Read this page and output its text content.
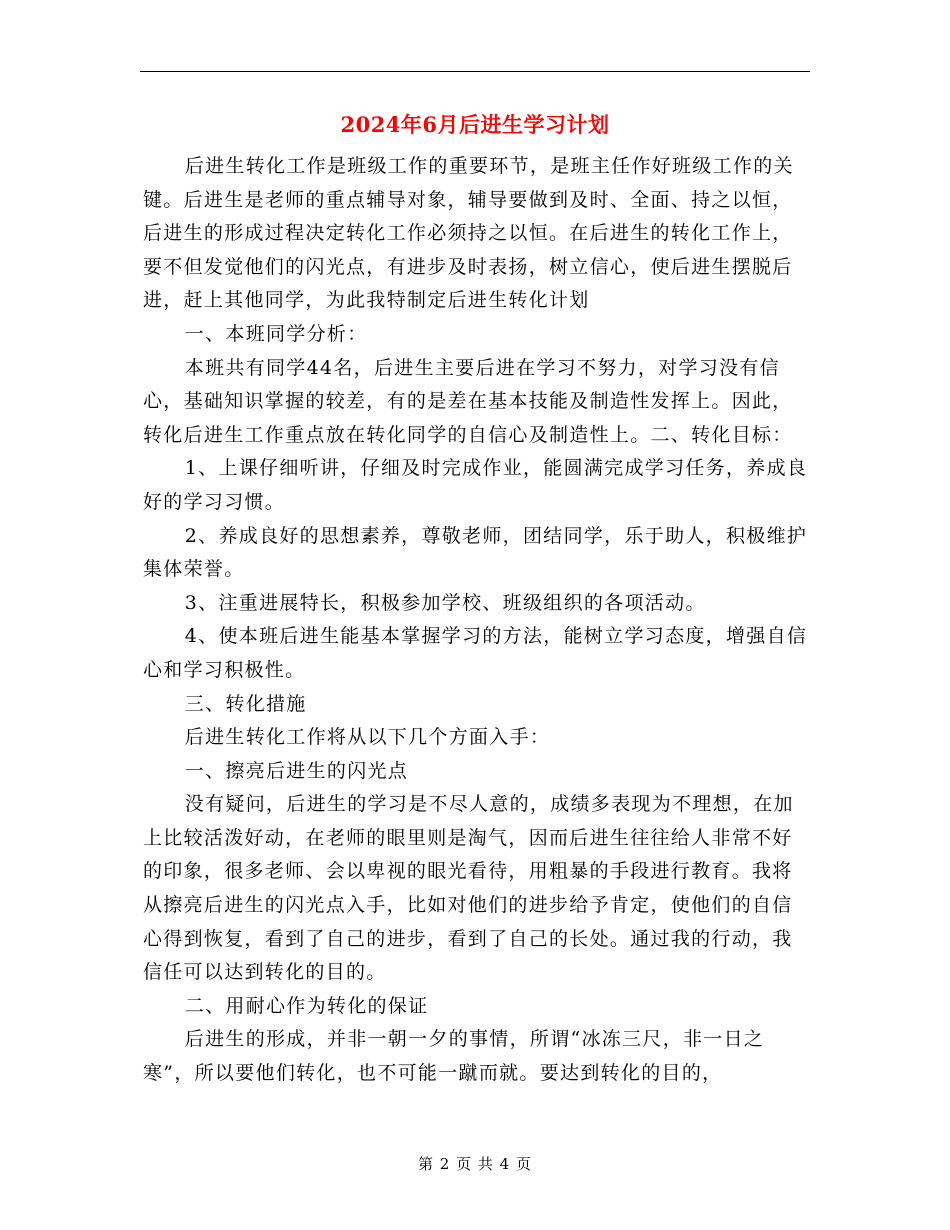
2024年6月后进生学习计划

后进生转化工作是班级工作的重要环节，是班主任作好班级工作的关键。后进生是老师的重点辅导对象，辅导要做到及时、全面、持之以恒，后进生的形成过程决定转化工作必须持之以恒。在后进生的转化工作上，要不但发觉他们的闪光点，有进步及时表扬，树立信心，使后进生摆脱后进，赶上其他同学，为此我特制定后进生转化计划

一、本班同学分析：

本班共有同学44名，后进生主要后进在学习不努力，对学习没有信心，基础知识掌握的较差，有的是差在基本技能及制造性发挥上。因此，转化后进生工作重点放在转化同学的自信心及制造性上。二、转化目标：

1、上课仔细听讲，仔细及时完成作业，能圆满完成学习任务，养成良好的学习习惯。

2、养成良好的思想素养，尊敬老师，团结同学，乐于助人，积极维护集体荣誉。

3、注重进展特长，积极参加学校、班级组织的各项活动。

4、使本班后进生能基本掌握学习的方法，能树立学习态度，增强自信心和学习积极性。

三、转化措施

后进生转化工作将从以下几个方面入手：

一、擦亮后进生的闪光点

没有疑问，后进生的学习是不尽人意的，成绩多表现为不理想，在加上比较活泼好动，在老师的眼里则是淘气，因而后进生往往给人非常不好的印象，很多老师、会以卑视的眼光看待，用粗暴的手段进行教育。我将从擦亮后进生的闪光点入手，比如对他们的进步给予肯定，使他们的自信心得到恢复，看到了自己的进步，看到了自己的长处。通过我的行动，我信任可以达到转化的目的。

二、用耐心作为转化的保证

后进生的形成，并非一朝一夕的事情，所谓“冰冻三尺，非一日之寒”，所以要他们转化，也不可能一蹴而就。要达到转化的目的，

第 2 页 共 4 页
